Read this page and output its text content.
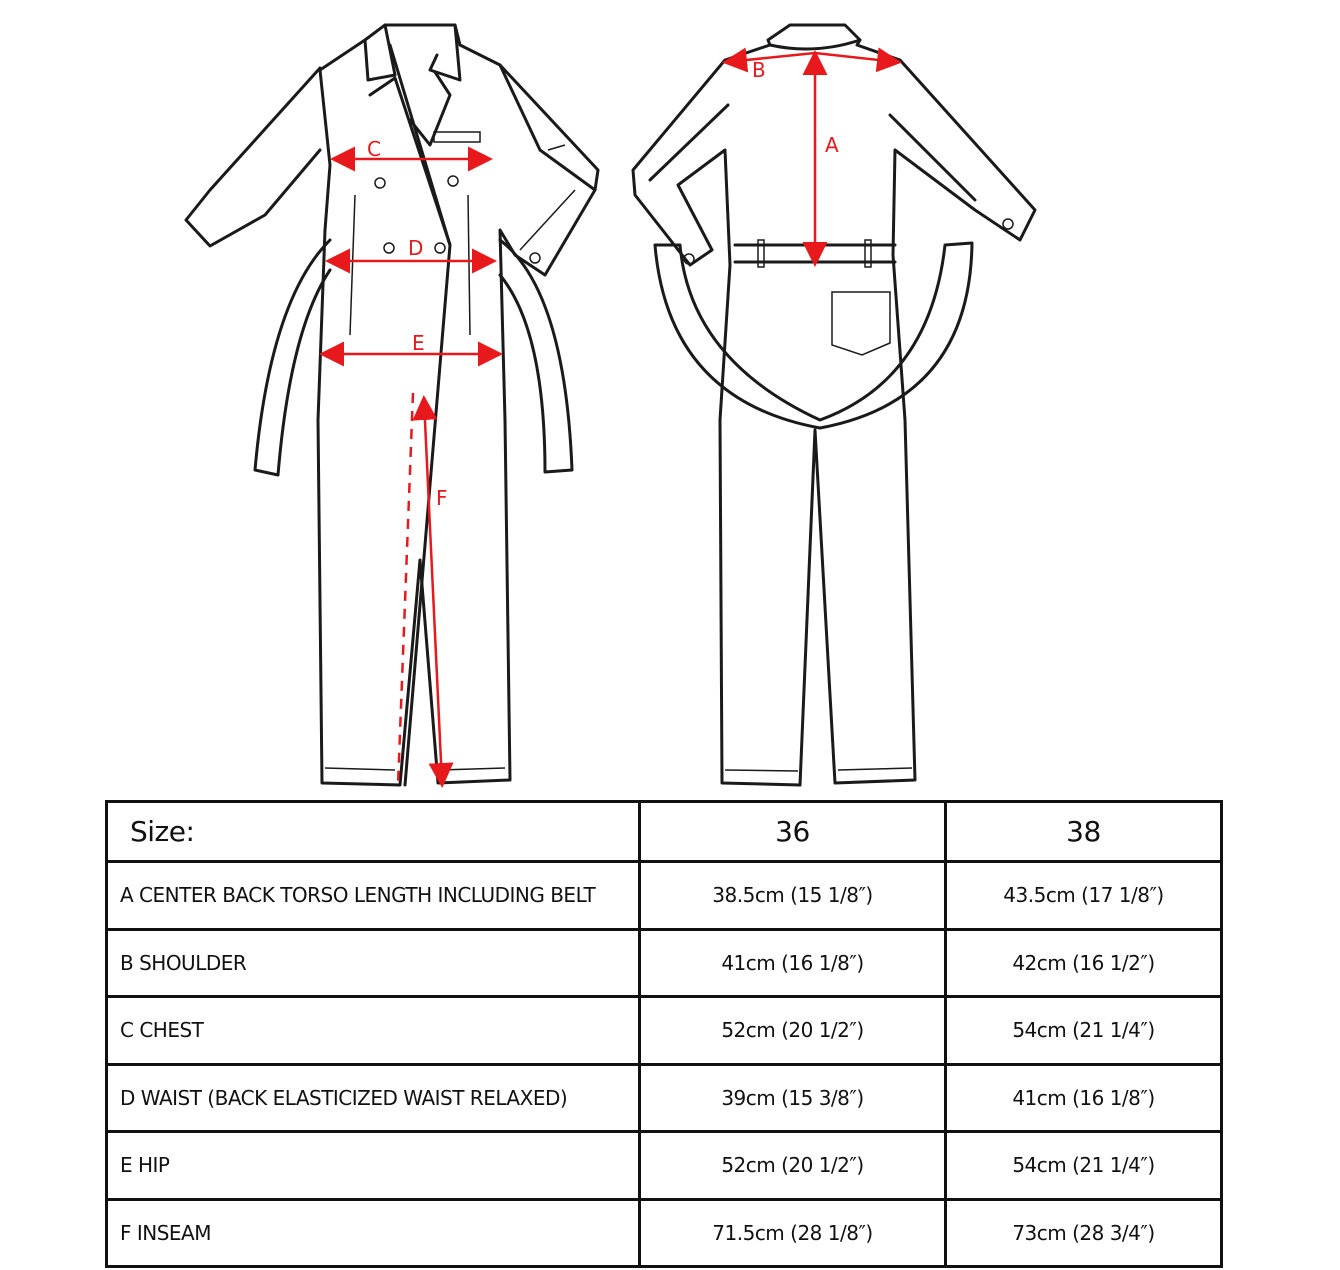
A
B
C
D
E
F
Size:	36	38
A CENTER BACK TORSO LENGTH INCLUDING BELT	38.5cm (15 1/8″)	43.5cm (17 1/8″)
B SHOULDER	41cm (16 1/8″)	42cm (16 1/2″)
C CHEST	52cm (20 1/2″)	54cm (21 1/4″)
D WAIST (BACK ELASTICIZED WAIST RELAXED)	39cm (15 3/8″)	41cm (16 1/8″)
E HIP	52cm (20 1/2″)	54cm (21 1/4″)
F INSEAM	71.5cm (28 1/8″)	73cm (28 3/4″)
